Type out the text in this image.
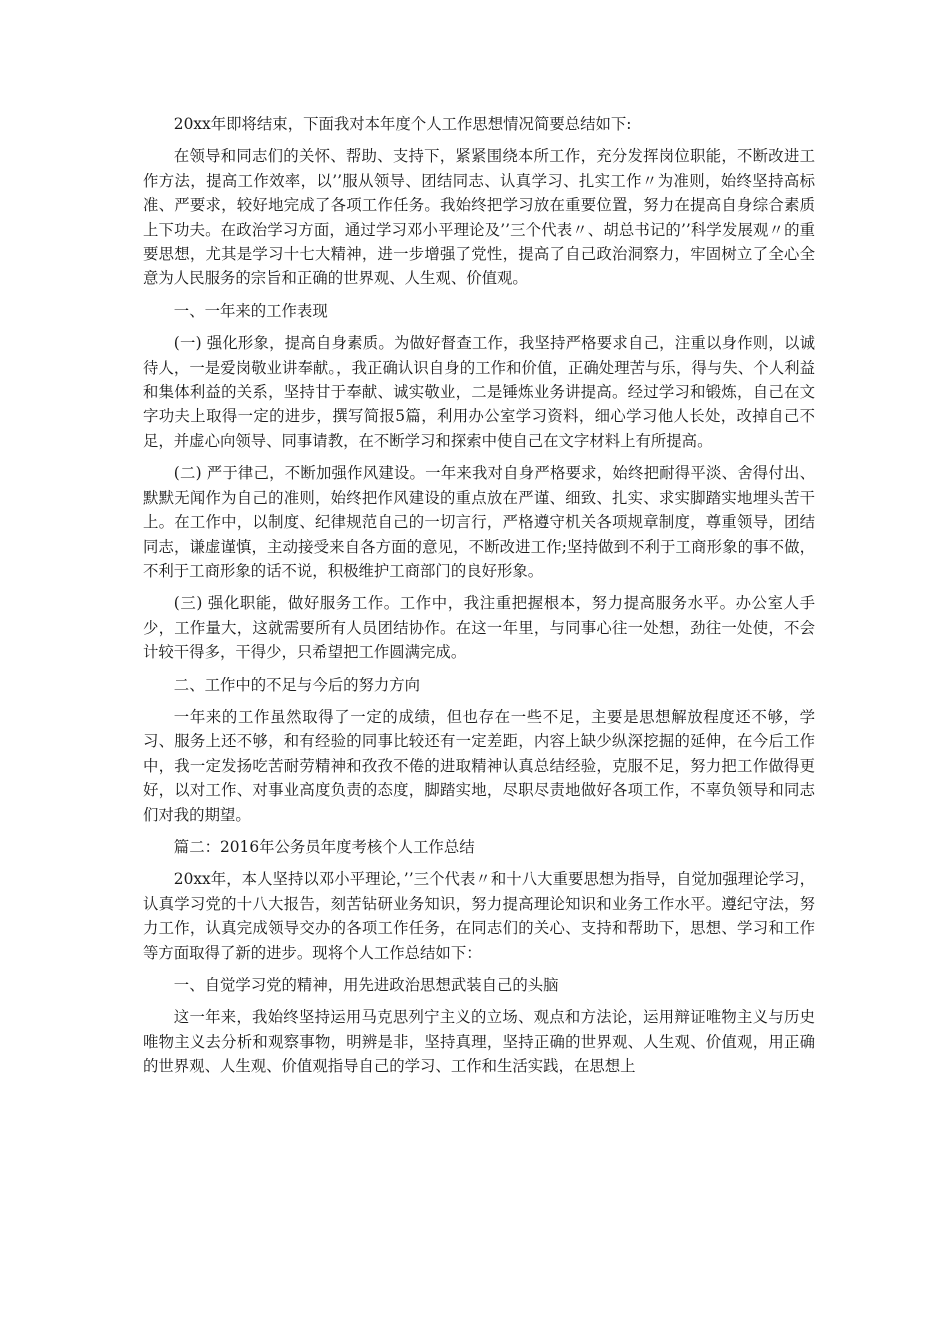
20xx年即将结束，下面我对本年度个人工作思想情况简要总结如下:

在领导和同志们的关怀、帮助、支持下，紧紧围绕本所工作，充分发挥岗位职能，不断改进工作方法，提高工作效率，以’’服从领导、团结同志、认真学习、扎实工作〃为准则，始终坚持高标准、严要求，较好地完成了各项工作任务。我始终把学习放在重要位置，努力在提高自身综合素质上下功夫。在政治学习方面，通过学习邓小平理论及’’三个代表〃、胡总书记的’’科学发展观〃的重要思想，尤其是学习十七大精神，进一步增强了党性，提高了自己政治洞察力，牢固树立了全心全意为人民服务的宗旨和正确的世界观、人生观、价值观。

一、一年来的工作表现

(一) 强化形象，提高自身素质。为做好督查工作，我坚持严格要求自己，注重以身作则，以诚待人，一是爱岗敬业讲奉献。，我正确认识自身的工作和价值，正确处理苦与乐，得与失、个人利益和集体利益的关系，坚持甘于奉献、诚实敬业，二是锤炼业务讲提高。经过学习和锻炼，自己在文字功夫上取得一定的进步，撰写简报5篇，利用办公室学习资料，细心学习他人长处，改掉自己不足，并虚心向领导、同事请教，在不断学习和探索中使自己在文字材料上有所提高。

(二) 严于律己，不断加强作风建设。一年来我对自身严格要求，始终把耐得平淡、舍得付出、默默无闻作为自己的准则，始终把作风建设的重点放在严谨、细致、扎实、求实脚踏实地埋头苦干上。在工作中，以制度、纪律规范自己的一切言行，严格遵守机关各项规章制度，尊重领导，团结同志，谦虚谨慎，主动接受来自各方面的意见，不断改进工作;坚持做到不利于工商形象的事不做，不利于工商形象的话不说，积极维护工商部门的良好形象。

(三) 强化职能，做好服务工作。工作中，我注重把握根本，努力提高服务水平。办公室人手少，工作量大，这就需要所有人员团结协作。在这一年里，与同事心往一处想，劲往一处使，不会计较干得多，干得少，只希望把工作圆满完成。

二、工作中的不足与今后的努力方向

一年来的工作虽然取得了一定的成绩，但也存在一些不足，主要是思想解放程度还不够，学习、服务上还不够，和有经验的同事比较还有一定差距，内容上缺少纵深挖掘的延伸，在今后工作中，我一定发扬吃苦耐劳精神和孜孜不倦的进取精神认真总结经验，克服不足，努力把工作做得更好，以对工作、对事业高度负责的态度，脚踏实地，尽职尽责地做好各项工作，不辜负领导和同志们对我的期望。

篇二：2016年公务员年度考核个人工作总结

20xx年，本人坚持以邓小平理论，’’三个代表〃和十八大重要思想为指导，自觉加强理论学习，认真学习党的十八大报告，刻苦钻研业务知识，努力提高理论知识和业务工作水平。遵纪守法，努力工作，认真完成领导交办的各项工作任务，在同志们的关心、支持和帮助下，思想、学习和工作等方面取得了新的进步。现将个人工作总结如下：

一、自觉学习党的精神，用先进政治思想武装自己的头脑

这一年来，我始终坚持运用马克思列宁主义的立场、观点和方法论，运用辩证唯物主义与历史唯物主义去分析和观察事物，明辨是非，坚持真理，坚持正确的世界观、人生观、价值观，用正确的世界观、人生观、价值观指导自己的学习、工作和生活实践，在思想上
